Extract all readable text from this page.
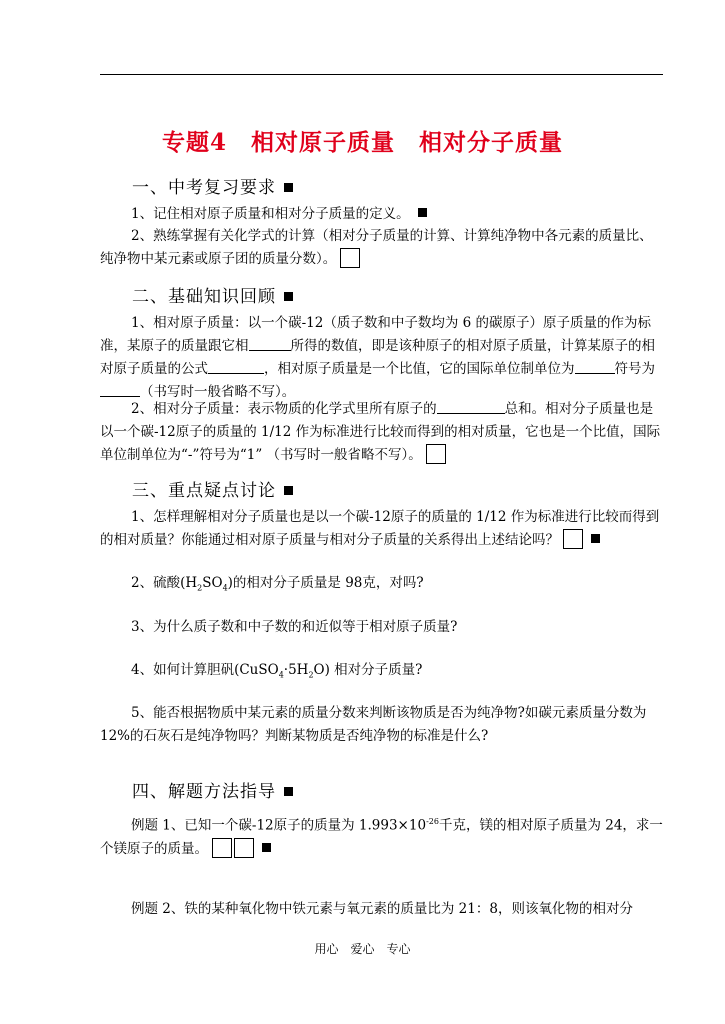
专题4 相对原子质量 相对分子质量
一、中考复习要求
1、记住相对原子质量和相对分子质量的定义。
2、熟练掌握有关化学式的计算（相对分子质量的计算、计算纯净物中各元素的质量比、纯净物中某元素或原子团的质量分数）。
二、基础知识回顾
1、相对原子质量：以一个碳-12（质子数和中子数均为 6 的碳原子）原子质量的作为标准，某原子的质量跟它相	所得的数值，即是该种原子的相对原子质量，计算某原子的相对原子质量的公式	，相对原子质量是一个比值，它的国际单位制单位为	符号为（书写时一般省略不写）。
2、相对分子质量：表示物质的化学式里所有原子的	总和。相对分子质量也是以一个碳-12原子的质量的 1/12 作为标准进行比较而得到的相对质量，它也是一个比值，国际单位制单位为“-”符号为“1” （书写时一般省略不写）。
三、重点疑点讨论
1、怎样理解相对分子质量也是以一个碳-12原子的质量的 1/12 作为标准进行比较而得到的相对质量？你能通过相对原子质量与相对分子质量的关系得出上述结论吗？
2、硫酸$(H_2SO_4)$的相对分子质量是 98克，对吗?
3、为什么质子数和中子数的和近似等于相对原子质量?
4、如何计算胆矾$(CuSO_4\cdot 5H_2O)$ 相对分子质量?
5、能否根据物质中某元素的质量分数来判断该物质是否为纯净物?如碳元素质量分数为 12%的石灰石是纯净物吗？判断某物质是否纯净物的标准是什么?
四、解题方法指导
例题 1、已知一个碳-12原子的质量为 $1.993\times 10^{-26}$千克，镁的相对原子质量为 24，求一个镁原子的质量。
例题 2、铁的某种氧化物中铁元素与氧元素的质量比为 21：8，则该氧化物的相对分
用心 爱心 专心
